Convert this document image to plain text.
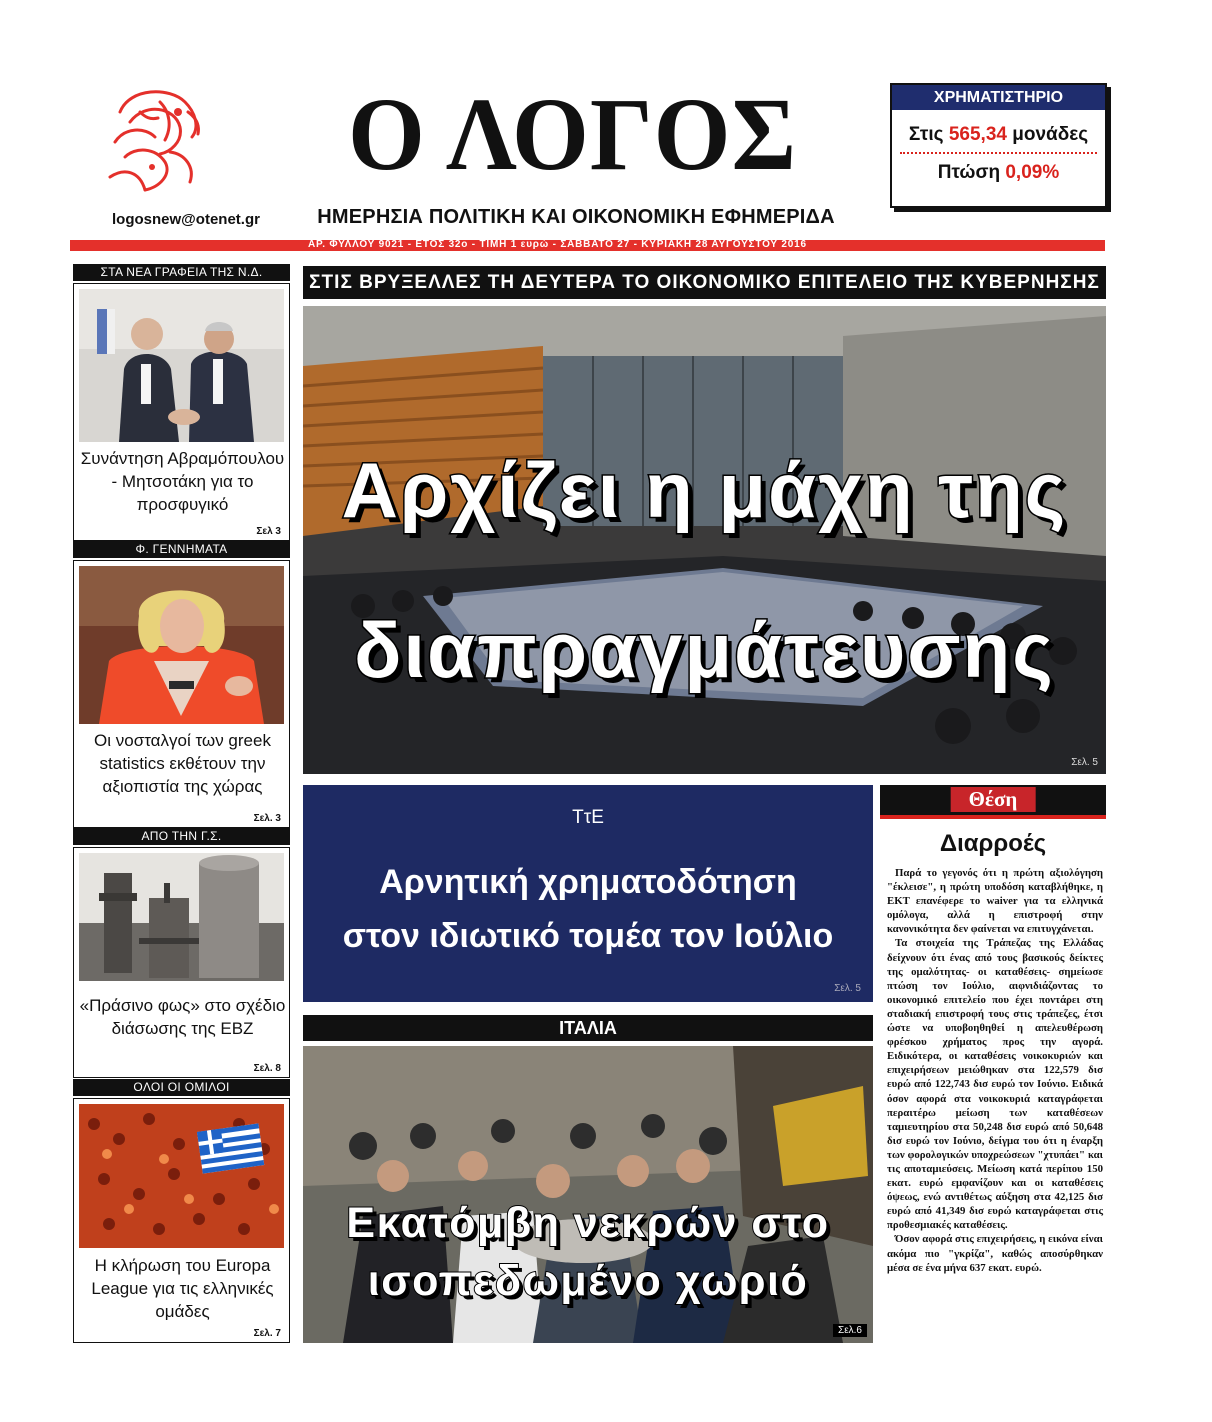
logosnew@otenet.gr
Ο ΛΟΓΟΣ
ΗΜΕΡΗΣΙΑ ΠΟΛΙΤΙΚΗ ΚΑΙ ΟΙΚΟΝΟΜΙΚΗ ΕΦΗΜΕΡΙΔΑ
ΧΡΗΜΑΤΙΣΤΗΡΙΟ
Στις 565,34 μονάδες
Πτώση 0,09%
ΑΡ. ΦΥΛΛΟΥ 9021 - ΕΤΟΣ 32ο - ΤΙΜΗ 1 ευρώ - ΣΑΒΒΑΤΟ 27 - ΚΥΡΙΑΚΗ 28 ΑΥΓΟΥΣΤΟΥ 2016
ΣΤΑ ΝΕΑ ΓΡΑΦΕΙΑ ΤΗΣ Ν.Δ.
Συνάντηση Αβραμόπουλου - Μητσοτάκη για το προσφυγικό
Σελ 3
Φ. ΓΕΝΝΗΜΑΤΑ
Οι νοσταλγοί των greek statistics εκθέτουν την αξιοπιστία της χώρας
Σελ. 3
ΑΠΟ ΤΗΝ Γ.Σ.
«Πράσινο φως» στο σχέδιο διάσωσης της ΕΒΖ
Σελ. 8
ΟΛΟΙ ΟΙ ΟΜΙΛΟΙ
Η κλήρωση του Europa League για τις ελληνικές ομάδες
Σελ. 7
ΣΤΙΣ ΒΡΥΞΕΛΛΕΣ ΤΗ ΔΕΥΤΕΡΑ ΤΟ ΟΙΚΟΝΟΜΙΚΟ ΕΠΙΤΕΛΕΙΟ ΤΗΣ ΚΥΒΕΡΝΗΣΗΣ
Αρχίζει η μάχη της
διαπραγμάτευσης
Σελ. 5
ΤτΕ
Αρνητική χρηματοδότηση
στον ιδιωτικό τομέα τον Ιούλιο
Σελ. 5
ΙΤΑΛΙΑ
Εκατόμβη νεκρών στο
ισοπεδωμένο χωριό
Σελ.6
Θέση
Διαρροές

Παρά το γεγονός ότι η πρώτη αξιολόγηση "έκλεισε", η πρώτη υποδόση καταβλήθηκε, η ΕΚΤ επανέφερε το waiver για τα ελληνικά ομόλογα, αλλά η επιστροφή στην κανονικότητα δεν φαίνεται να επιτυγχάνεται.

Τα στοιχεία της Τράπεζας της Ελλάδας δείχνουν ότι ένας από τους βασικούς δείκτες της ομαλότητας- οι καταθέσεις- σημείωσε πτώση τον Ιούλιο, αιφνιδιάζοντας το οικονομικό επιτελείο που έχει ποντάρει στη σταδιακή επιστροφή τους στις τράπεζες, έτσι ώστε να υποβοηθηθεί η απελευθέρωση φρέσκου χρήματος προς την αγορά. Ειδικότερα, οι καταθέσεις νοικοκυριών και επιχειρήσεων μειώθηκαν στα 122,579 δισ ευρώ από 122,743 δισ ευρώ τον Ιούνιο. Ειδικά όσον αφορά στα νοικοκυριά καταγράφεται περαιτέρω μείωση των καταθέσεων ταμιευτηρίου στα 50,248 δισ ευρώ από 50,648 δισ ευρώ τον Ιούνιο, δείγμα του ότι η έναρξη των φορολογικών υποχρεώσεων "χτυπάει" και τις αποταμιεύσεις. Μείωση κατά περίπου 150 εκατ. ευρώ εμφανίζουν και οι καταθέσεις όψεως, ενώ αντιθέτως αύξηση στα 42,125 δισ ευρώ από 41,349 δισ ευρώ καταγράφεται στις προθεσμιακές καταθέσεις.

Όσον αφορά στις επιχειρήσεις, η εικόνα είναι ακόμα πιο "γκρίζα", καθώς αποσύρθηκαν μέσα σε ένα μήνα 637 εκατ. ευρώ.
